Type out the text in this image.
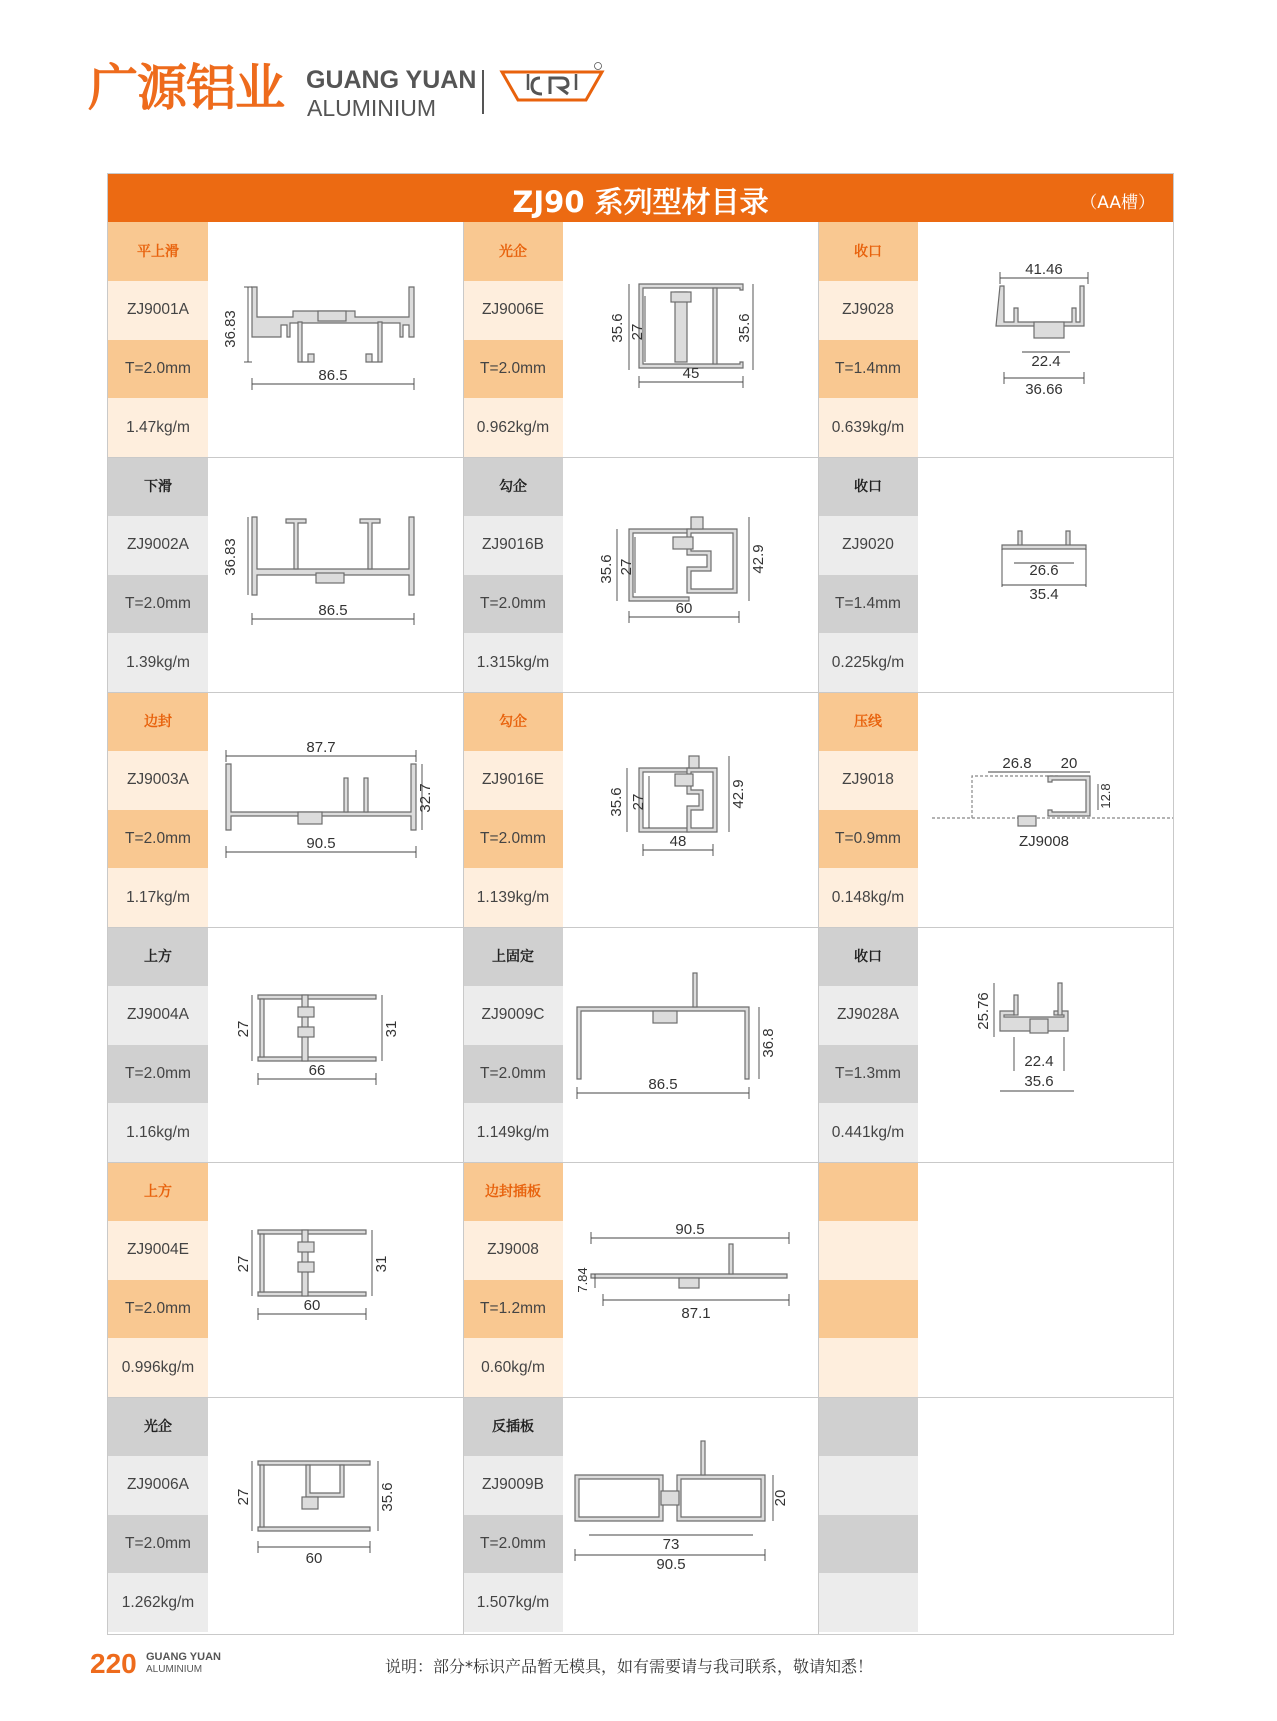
广源铝业 GUANG YUAN
ALUMINIUM
ZJ90 系列型材目录	（AA槽）
平上滑
ZJ9001A
T=2.0mm
1.47kg/m
36.83
86.5
光企
ZJ9006E
T=2.0mm
0.962kg/m
35.6 27	35.6
45
收口
ZJ9028
T=1.4mm
0.639kg/m
41.46
22.4
36.66
下滑
ZJ9002A
T=2.0mm
1.39kg/m
36.83
86.5
勾企
ZJ9016B
T=2.0mm
1.315kg/m
35.6 27	42.9
60
收口
ZJ9020
T=1.4mm
0.225kg/m
26.6
35.4
边封
ZJ9003A
T=2.0mm
1.17kg/m
87.7
32.7
90.5
勾企
ZJ9016E
T=2.0mm
1.139kg/m
35.6 27	42.9
48
压线
ZJ9018
T=0.9mm
0.148kg/m
26.8 20
12.8
ZJ9008
上方
ZJ9004A
T=2.0mm
1.16kg/m
27	31
66
上固定
ZJ9009C
T=2.0mm
1.149kg/m
36.8
86.5
收口
ZJ9028A
T=1.3mm
0.441kg/m
25.76
22.4
35.6
上方
ZJ9004E
T=2.0mm
0.996kg/m
27	31
60
边封插板
ZJ9008
T=1.2mm
0.60kg/m
90.5
7.84
87.1
光企
ZJ9006A
T=2.0mm
1.262kg/m
27	35.6
60
反插板
ZJ9009B
T=2.0mm
1.507kg/m
20
73
90.5
220 GUANG YUAN
ALUMINIUM	说明：部分*标识产品暂无模具，如有需要请与我司联系，敬请知悉！
